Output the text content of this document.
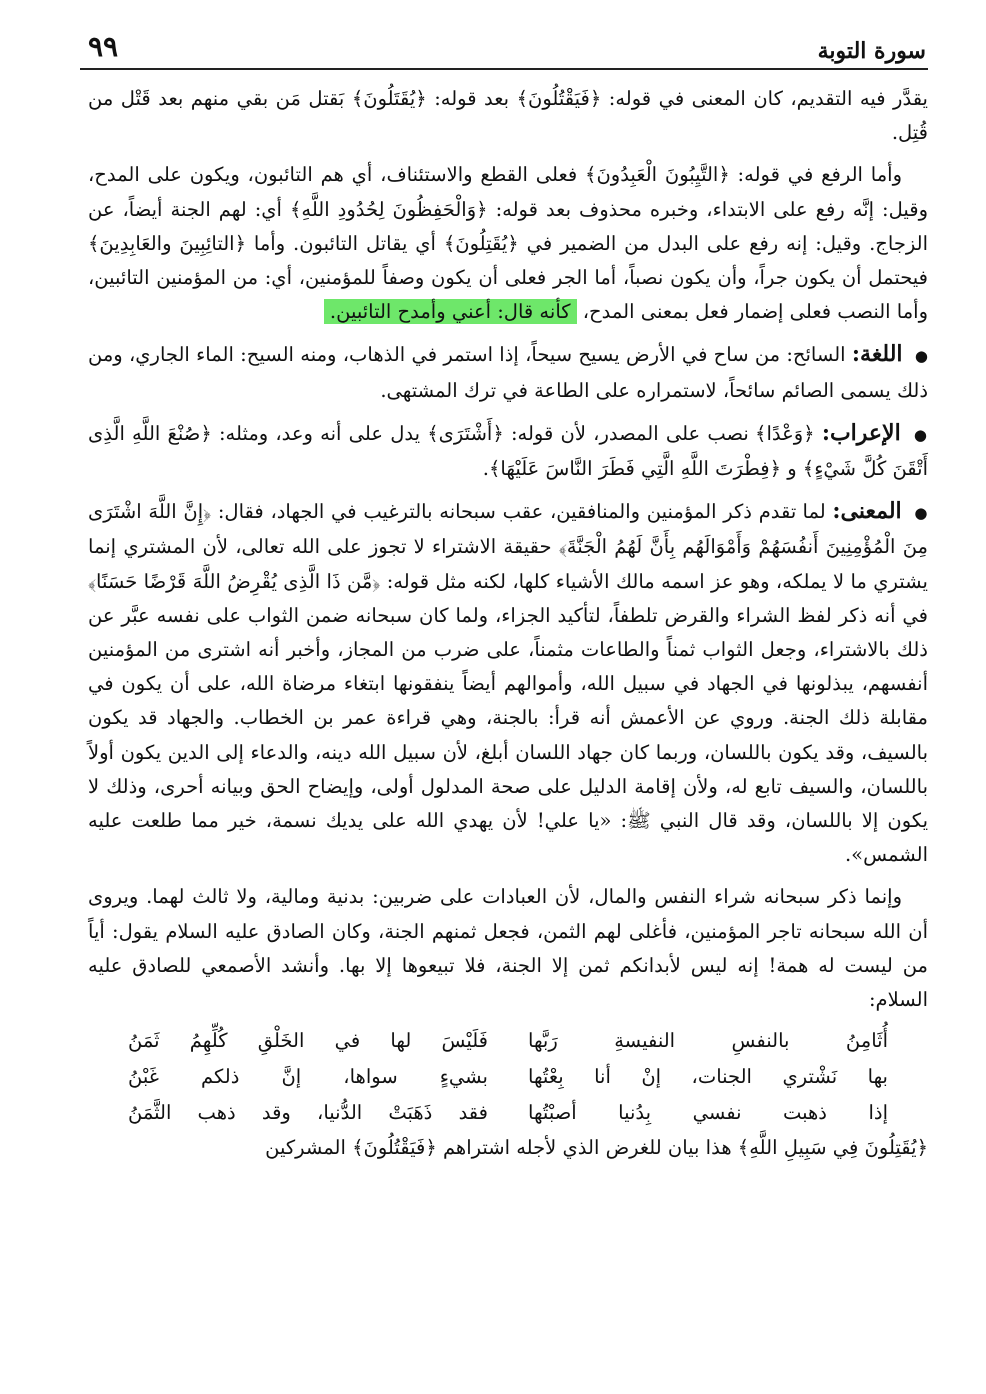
سورة التوبة
٩٩

يقدَّر فيه التقديم، كان المعنى في قوله: ﴿فَيَقْتُلُونَ﴾ بعد قوله: ﴿يُقَتَلُونَ﴾ بَقتل مَن بقي منهم بعد قَتْل من قُتِل.

وأما الرفع في قوله: ﴿التَّيِبُونَ الْعَبِدُونَ﴾ فعلى القطع والاستئناف، أي هم التائبون، ويكون على المدح، وقيل: إنَّه رفع على الابتداء، وخبره محذوف بعد قوله: ﴿وَالْحَفِظُونَ لِحُدُودِ اللَّهِ﴾ أي: لهم الجنة أيضاً، عن الزجاج. وقيل: إنه رفع على البدل من الضمير في ﴿يُقَتِلُونَ﴾ أي يقاتل التائبون. وأما ﴿التائِبِينَ والعَابِدِينَ﴾ فيحتمل أن يكون جراً، وأن يكون نصباً، أما الجر فعلى أن يكون وصفاً للمؤمنين، أي: من المؤمنين التائبين، وأما النصب فعلى إضمار فعل بمعنى المدح، كأنه قال: أعني وأمدح التائبين.

● اللغة: السائح: من ساح في الأرض يسيح سيحاً، إذا استمر في الذهاب، ومنه السيح: الماء الجاري، ومن ذلك يسمى الصائم سائحاً، لاستمراره على الطاعة في ترك المشتهى.

● الإعراب: ﴿وَعْدًا﴾ نصب على المصدر، لأن قوله: ﴿أَشْتَرَى﴾ يدل على أنه وعد، ومثله: ﴿صُنْعَ اللَّهِ الَّذِى أَتْقَنَ كُلَّ شَيْءٍ﴾ و ﴿فِطْرَتَ اللَّهِ الَّتِي فَطَرَ النَّاسَ عَلَيْهَا﴾.

● المعنى: لما تقدم ذكر المؤمنين والمنافقين، عقب سبحانه بالترغيب في الجهاد، فقال: ﴿إِنَّ اللَّهَ اشْتَرَى مِنَ الْمُؤْمِنِينَ أَنفُسَهُمْ وَأَمْوَالَهُم بِأَنَّ لَهُمُ الْجَنَّةَ﴾ حقيقة الاشتراء لا تجوز على الله تعالى، لأن المشتري إنما يشتري ما لا يملكه، وهو عز اسمه مالك الأشياء كلها، لكنه مثل قوله: ﴿مَّن ذَا الَّذِى يُقْرِضُ اللَّهَ قَرْضًا حَسَنًا﴾ في أنه ذكر لفظ الشراء والقرض تلطفاً، لتأكيد الجزاء، ولما كان سبحانه ضمن الثواب على نفسه عبَّر عن ذلك بالاشتراء، وجعل الثواب ثمناً والطاعات مثمناً، على ضرب من المجاز، وأخبر أنه اشترى من المؤمنين أنفسهم، يبذلونها في الجهاد في سبيل الله، وأموالهم أيضاً ينفقونها ابتغاء مرضاة الله، على أن يكون في مقابلة ذلك الجنة. وروي عن الأعمش أنه قرأ: بالجنة، وهي قراءة عمر بن الخطاب. والجهاد قد يكون بالسيف، وقد يكون باللسان، وربما كان جهاد اللسان أبلغ، لأن سبيل الله دينه، والدعاء إلى الدين يكون أولاً باللسان، والسيف تابع له، ولأن إقامة الدليل على صحة المدلول أولى، وإيضاح الحق وبيانه أحرى، وذلك لا يكون إلا باللسان، وقد قال النبي ﷺ: «يا علي! لأن يهدي الله على يديك نسمة، خير مما طلعت عليه الشمس».

وإنما ذكر سبحانه شراء النفس والمال، لأن العبادات على ضربين: بدنية ومالية، ولا ثالث لهما. ويروى أن الله سبحانه تاجر المؤمنين، فأغلى لهم الثمن، فجعل ثمنهم الجنة، وكان الصادق عليه السلام يقول: أياً من ليست له همة! إنه ليس لأبدانكم ثمن إلا الجنة، فلا تبيعوها إلا بها. وأنشد الأصمعي للصادق عليه السلام:

أُثَامِنُ بالنفسِ النفيسةِ رَبَّها
فَلَيْسَ لها في الخَلْقِ كُلِّهِمُ ثَمَنُ
بها نَشْتري الجنات، إنْ أنا بِعْتُها
بشيءٍ سواها، إنَّ ذلكم غَبْنُ
إذا ذهبت نفسي بِدُنيا أصبْتُها
فقد ذَهَبَتْ الدُّنيا، وقد ذهب الثَّمَنُ

﴿يُقَتِلُونَ فِي سَبِيلِ اللَّهِ﴾ هذا بيان للغرض الذي لأجله اشتراهم ﴿فَيَقْتُلُونَ﴾ المشركين
